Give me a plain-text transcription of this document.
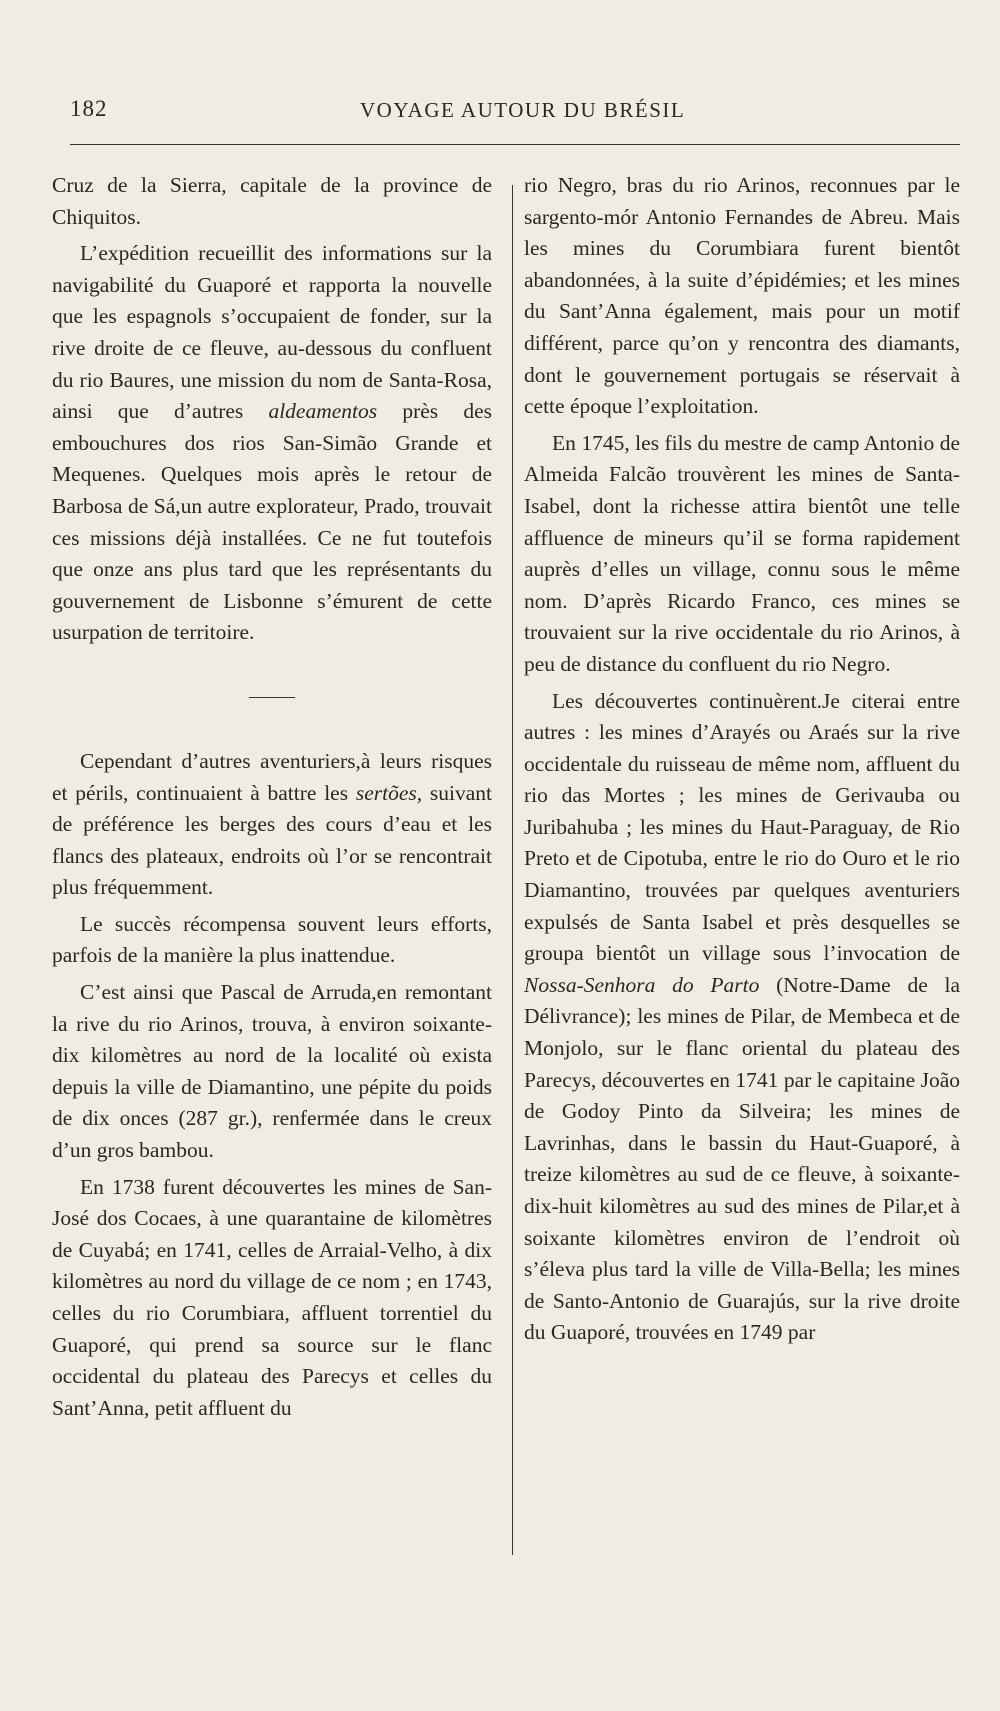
182	VOYAGE AUTOUR DU BRÉSIL

Cruz de la Sierra, capitale de la province de Chiquitos.

L’expédition recueillit des informations sur la navigabilité du Guaporé et rapporta la nouvelle que les espagnols s’occupaient de fonder, sur la rive droite de ce fleuve, au-dessous du confluent du rio Baures, une mission du nom de Santa-Rosa, ainsi que d’autres aldeamentos près des embouchures dos rios San-Simão Grande et Mequenes. Quelques mois après le retour de Barbosa de Sá,un autre explorateur, Prado, trouvait ces missions déjà installées. Ce ne fut toutefois que onze ans plus tard que les représentants du gouvernement de Lisbonne s’émurent de cette usurpation de territoire.

Cependant d’autres aventuriers,à leurs risques et périls, continuaient à battre les sertões, suivant de préférence les berges des cours d’eau et les flancs des plateaux, endroits où l’or se rencontrait plus fréquemment.

Le succès récompensa souvent leurs efforts, parfois de la manière la plus inattendue.

C’est ainsi que Pascal de Arruda,en remontant la rive du rio Arinos, trouva, à environ soixante-dix kilomètres au nord de la localité où exista depuis la ville de Diamantino, une pépite du poids de dix onces (287 gr.), renfermée dans le creux d’un gros bambou.

En 1738 furent découvertes les mines de San-José dos Cocaes, à une quarantaine de kilomètres de Cuyabá; en 1741, celles de Arraial-Velho, à dix kilomètres au nord du village de ce nom ; en 1743, celles du rio Corumbiara, affluent torrentiel du Guaporé, qui prend sa source sur le flanc occidental du plateau des Parecys et celles du Sant’Anna, petit affluent du

rio Negro, bras du rio Arinos, reconnues par le sargento-mór Antonio Fernandes de Abreu. Mais les mines du Corumbiara furent bientôt abandonnées, à la suite d’épidémies; et les mines du Sant’Anna également, mais pour un motif différent, parce qu’on y rencontra des diamants, dont le gouvernement portugais se réservait à cette époque l’exploitation.

En 1745, les fils du mestre de camp Antonio de Almeida Falcão trouvèrent les mines de Santa-Isabel, dont la richesse attira bientôt une telle affluence de mineurs qu’il se forma rapidement auprès d’elles un village, connu sous le même nom. D’après Ricardo Franco, ces mines se trouvaient sur la rive occidentale du rio Arinos, à peu de distance du confluent du rio Negro.

Les découvertes continuèrent.Je citerai entre autres : les mines d’Arayés ou Araés sur la rive occidentale du ruisseau de même nom, affluent du rio das Mortes ; les mines de Gerivauba ou Juribahuba ; les mines du Haut-Paraguay, de Rio Preto et de Cipotuba, entre le rio do Ouro et le rio Diamantino, trouvées par quelques aventuriers expulsés de Santa Isabel et près desquelles se groupa bientôt un village sous l’invocation de Nossa-Senhora do Parto (Notre-Dame de la Délivrance); les mines de Pilar, de Membeca et de Monjolo, sur le flanc oriental du plateau des Parecys, découvertes en 1741 par le capitaine João de Godoy Pinto da Silveira; les mines de Lavrinhas, dans le bassin du Haut-Guaporé, à treize kilomètres au sud de ce fleuve, à soixante-dix-huit kilomètres au sud des mines de Pilar,et à soixante kilomètres environ de l’endroit où s’éleva plus tard la ville de Villa-Bella; les mines de Santo-Antonio de Guarajús, sur la rive droite du Guaporé, trouvées en 1749 par
